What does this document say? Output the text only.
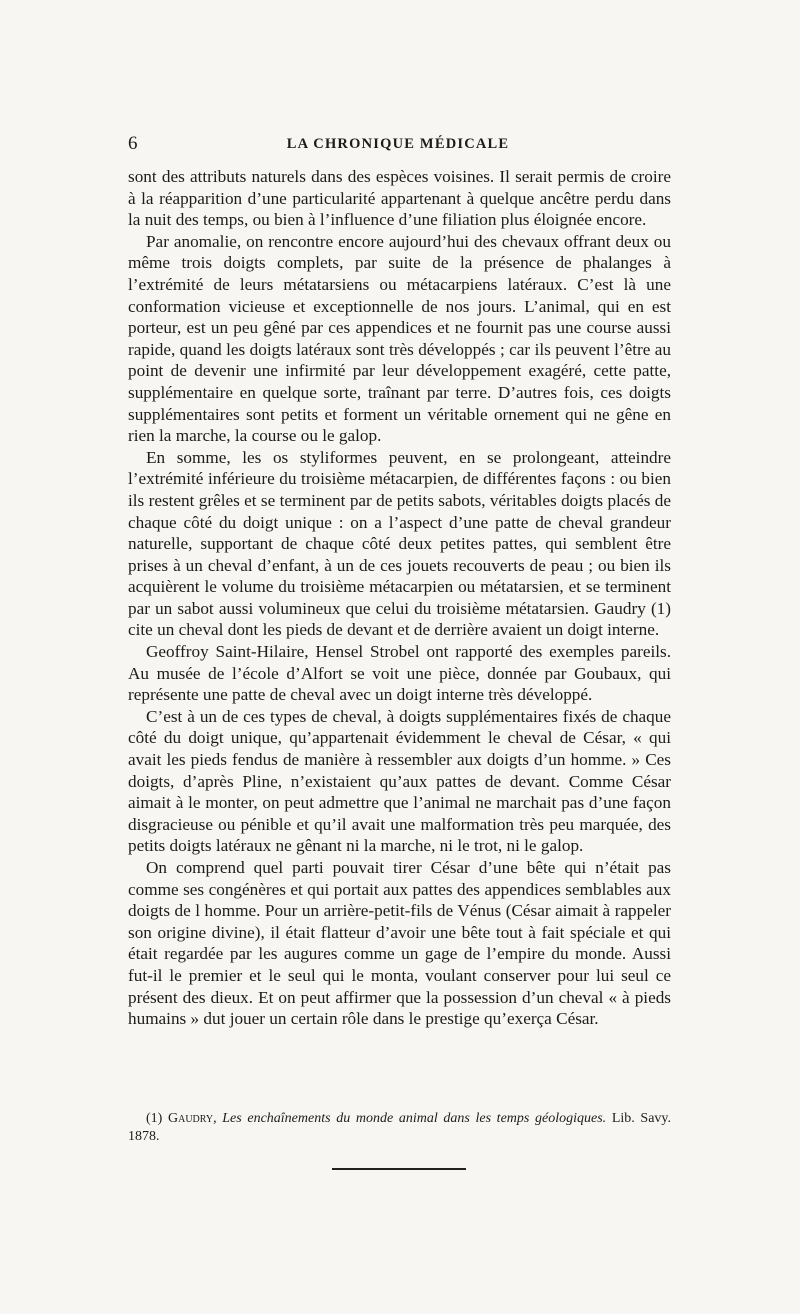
6	LA CHRONIQUE MÉDICALE

sont des attributs naturels dans des espèces voisines. Il serait permis de croire à la réapparition d’une particularité appartenant à quelque ancêtre perdu dans la nuit des temps, ou bien à l’influence d’une filiation plus éloignée encore.

Par anomalie, on rencontre encore aujourd’hui des chevaux offrant deux ou même trois doigts complets, par suite de la présence de phalanges à l’extrémité de leurs métatarsiens ou métacarpiens latéraux. C’est là une conformation vicieuse et exceptionnelle de nos jours. L’animal, qui en est porteur, est un peu gêné par ces appendices et ne fournit pas une course aussi rapide, quand les doigts latéraux sont très développés ; car ils peuvent l’être au point de devenir une infirmité par leur développement exagéré, cette patte, supplémentaire en quelque sorte, traînant par terre. D’autres fois, ces doigts supplémentaires sont petits et forment un véritable ornement qui ne gêne en rien la marche, la course ou le galop.

En somme, les os styliformes peuvent, en se prolongeant, atteindre l’extrémité inférieure du troisième métacarpien, de différentes façons : ou bien ils restent grêles et se terminent par de petits sabots, véritables doigts placés de chaque côté du doigt unique : on a l’aspect d’une patte de cheval grandeur naturelle, supportant de chaque côté deux petites pattes, qui semblent être prises à un cheval d’enfant, à un de ces jouets recouverts de peau ; ou bien ils acquièrent le volume du troisième métacarpien ou métatarsien, et se terminent par un sabot aussi volumineux que celui du troisième métatarsien. Gaudry (1) cite un cheval dont les pieds de devant et de derrière avaient un doigt interne.

Geoffroy Saint-Hilaire, Hensel Strobel ont rapporté des exemples pareils. Au musée de l’école d’Alfort se voit une pièce, donnée par Goubaux, qui représente une patte de cheval avec un doigt interne très développé.

C’est à un de ces types de cheval, à doigts supplémentaires fixés de chaque côté du doigt unique, qu’appartenait évidemment le cheval de César, « qui avait les pieds fendus de manière à ressembler aux doigts d’un homme. » Ces doigts, d’après Pline, n’existaient qu’aux pattes de devant. Comme César aimait à le monter, on peut admettre que l’animal ne marchait pas d’une façon disgracieuse ou pénible et qu’il avait une malformation très peu marquée, des petits doigts latéraux ne gênant ni la marche, ni le trot, ni le galop.

On comprend quel parti pouvait tirer César d’une bête qui n’était pas comme ses congénères et qui portait aux pattes des appendices semblables aux doigts de l homme. Pour un arrière-petit-fils de Vénus (César aimait à rappeler son origine divine), il était flatteur d’avoir une bête tout à fait spéciale et qui était regardée par les augures comme un gage de l’empire du monde. Aussi fut-il le premier et le seul qui le monta, voulant conserver pour lui seul ce présent des dieux. Et on peut affirmer que la possession d’un cheval « à pieds humains » dut jouer un certain rôle dans le prestige qu’exerça César.

(1) Gaudry, Les enchaînements du monde animal dans les temps géologiques. Lib. Savy. 1878.
